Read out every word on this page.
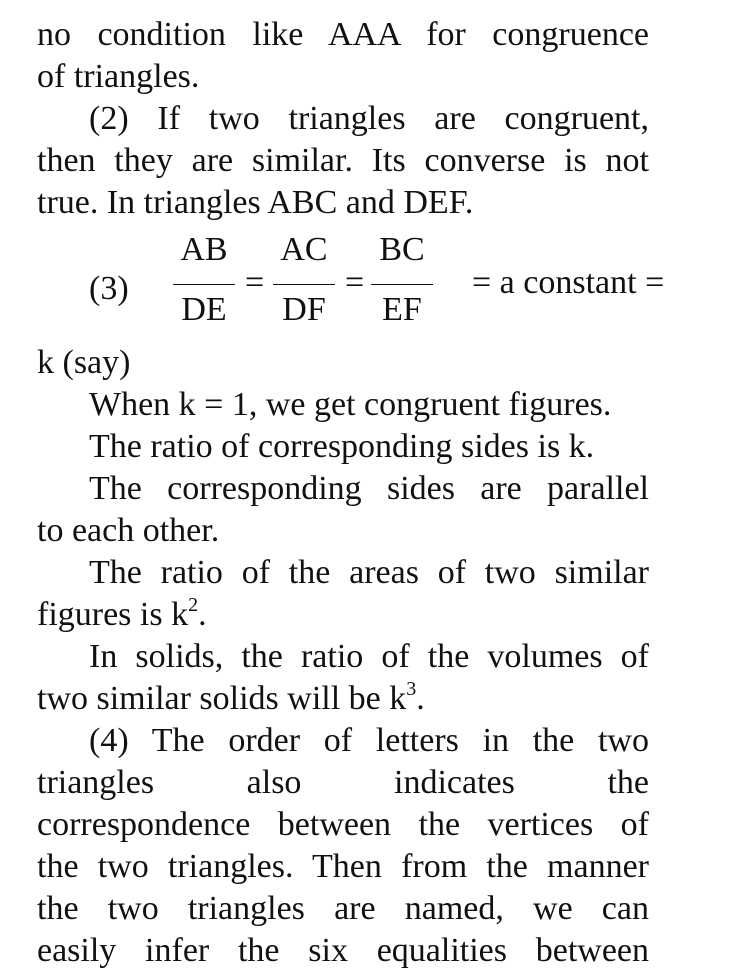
no condition like AAA for congruence
of triangles.
(2) If two triangles are congruent,
then they are similar. Its converse is not
true. In triangles ABC and DEF.
(3)
AB
DE
=
AC
DF
=
BC
EF
= a constant =
k (say)
When k = 1, we get congruent figures.
The ratio of corresponding sides is k.
The corresponding sides are parallel
to each other.
The ratio of the areas of two similar
figures is $k^2$.
In solids, the ratio of the volumes of
two similar solids will be $k^3$.
(4) The order of letters in the two
triangles also indicates the
correspondence between the vertices of
the two triangles. Then from the manner
the two triangles are named, we can
easily infer the six equalities between
